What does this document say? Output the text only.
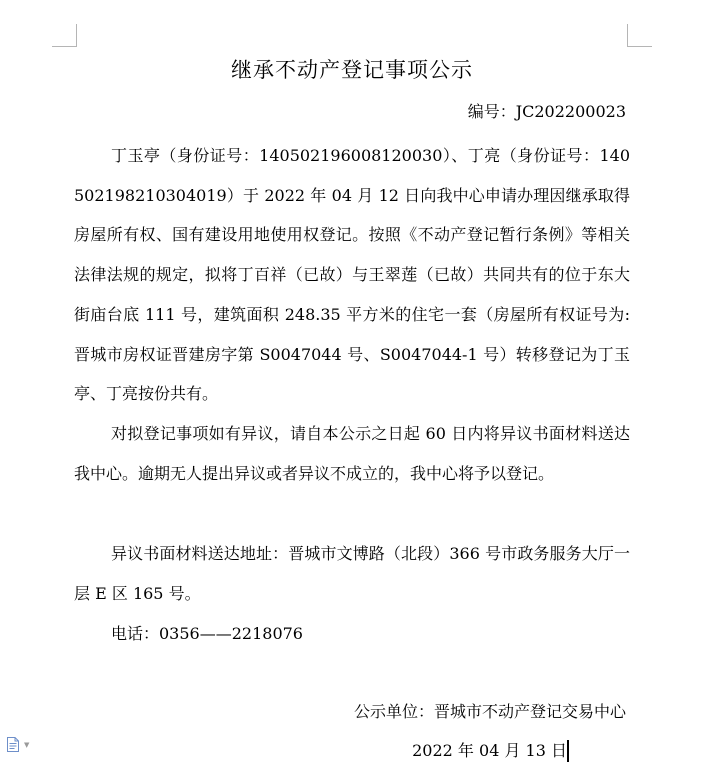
继承不动产登记事项公示
编号：JC202200023

丁玉亭（身份证号：140502196008120030）、丁亮（身份证号：140502198210304019）于 2022 年 04 月 12 日向我中心申请办理因继承取得房屋所有权、国有建设用地使用权登记。按照《不动产登记暂行条例》等相关法律法规的规定，拟将丁百祥（已故）与王翠莲（已故）共同共有的位于东大街庙台底 111 号，建筑面积 248.35 平方米的住宅一套（房屋所有权证号为:晋城市房权证晋建房字第 S0047044 号、S0047044-1 号）转移登记为丁玉亭、丁亮按份共有。

对拟登记事项如有异议，请自本公示之日起 60 日内将异议书面材料送达我中心。逾期无人提出异议或者异议不成立的，我中心将予以登记。

异议书面材料送达地址：晋城市文博路（北段）366 号市政务服务大厅一层 E 区 165 号。

电话：0356——2218076

公示单位：晋城市不动产登记交易中心
2022 年 04 月 13 日
▼
